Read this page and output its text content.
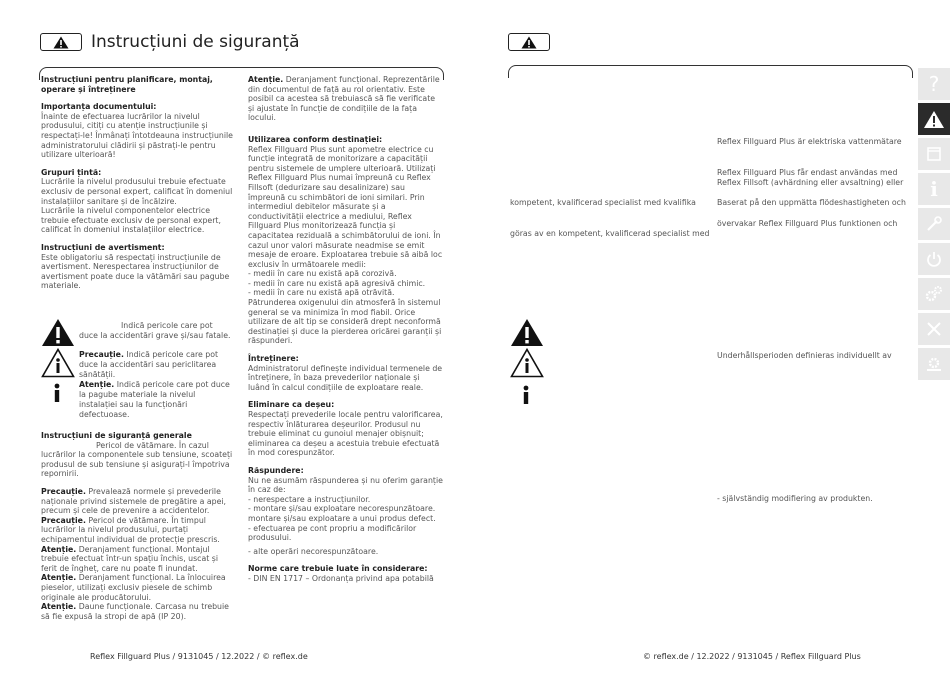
Instrucțiuni de siguranță

Instrucțiuni pentru planificare, montaj, operare și întreținere

Importanța documentului:

Înainte de efectuarea lucrărilor la nivelul produsului, citiți cu atenție instrucțiunile și respectați-le! Înmânați întotdeauna instrucțiunile administratorului clădirii și păstrați-le pentru utilizare ulterioară!

Grupuri țintă:

Lucrările la nivelul produsului trebuie efectuate exclusiv de personal expert, calificat în domeniul instalațiilor sanitare și de încălzire.

Lucrările la nivelul componentelor electrice trebuie efectuate exclusiv de personal expert, calificat în domeniul instalațiilor electrice.

Instrucțiuni de avertisment:

Este obligatoriu să respectați instrucțiunile de avertisment. Nerespectarea instrucțiunilor de avertisment poate duce la vătămări sau pagube materiale.

Indică pericole care pot duce la accidentări grave și/sau fatale.
Precauție. Indică pericole care pot duce la accidentări sau periclitarea sănătății.
Atenție. Indică pericole care pot duce la pagube materiale la nivelul instalației sau la funcționări defectuoase.

Instrucțiuni de siguranță generale

Pericol de vătămare. În cazul lucrărilor la componentele sub tensiune, scoateți produsul de sub tensiune și asigurați-l împotriva repornirii.

Precauție. Prevalează normele și prevederile naționale privind sistemele de pregătire a apei, precum și cele de prevenire a accidentelor.

Precauție. Pericol de vătămare. În timpul lucrărilor la nivelul produsului, purtați echipamentul individual de protecție prescris.

Atenție. Deranjament funcțional. Montajul trebuie efectuat într-un spațiu închis, uscat și ferit de îngheț, care nu poate fi inundat.

Atenție. Deranjament funcțional. La înlocuirea pieselor, utilizați exclusiv piesele de schimb originale ale producătorului.

Atenție. Daune funcționale. Carcasa nu trebuie să fie expusă la stropi de apă (IP 20).

Atenție. Deranjament funcțional. Reprezentările din documentul de față au rol orientativ. Este posibil ca acestea să trebuiască să fie verificate și ajustate în funcție de condițiile de la fața locului.

Utilizarea conform destinației:

Reflex Fillguard Plus sunt apometre electrice cu funcție integrată de monitorizare a capacității pentru sistemele de umplere ulterioară. Utilizați Reflex Fillguard Plus numai împreună cu Reflex Fillsoft (dedurizare sau desalinizare) sau împreună cu schimbători de ioni similari. Prin intermediul debitelor măsurate și a conductivității electrice a mediului, Reflex Fillguard Plus monitorizează funcția și capacitatea reziduală a schimbătorului de ioni. În cazul unor valori măsurate neadmise se emit mesaje de eroare. Exploatarea trebuie să aibă loc exclusiv în următoarele medii:

- medii în care nu există apă corozivă.

- medii în care nu există apă agresivă chimic.

- medii în care nu există apă otrăvită.

Pătrunderea oxigenului din atmosferă în sistemul general se va minimiza în mod fiabil. Orice utilizare de alt tip se consideră drept neconformă destinației și duce la pierderea oricărei garanții și răspunderi.

Întreținere:

Administratorul definește individual termenele de întreținere, în baza prevederilor naționale și luând în calcul condițiile de exploatare reale.

Eliminare ca deșeu:

Respectați prevederile locale pentru valorificarea, respectiv înlăturarea deșeurilor. Produsul nu trebuie eliminat cu gunoiul menajer obișnuit; eliminarea ca deșeu a acestuia trebuie efectuată în mod corespunzător.

Răspundere:

Nu ne asumăm răspunderea și nu oferim garanție în caz de:

- nerespectare a instrucțiunilor.

- montare și/sau exploatare necorespunzătoare.

montare și/sau exploatare a unui produs defect.

- efectuarea pe cont propriu a modificărilor produsului.

- alte operări necorespunzătoare.

Norme care trebuie luate în considerare:

- DIN EN 1717 – Ordonanța privind apa potabilă

Reflex Fillguard Plus / 9131045 / 12.2022 / © reflex.de
Reflex Fillguard Plus är elektriska vattenmätare
Reflex Fillguard Plus får endast användas med
Reflex Fillsoft (avhärdning eller avsaltning) eller
Baserat på den uppmätta flödeshastigheten och
kompetent, kvalificerad specialist med kvalifika
övervakar Reflex Fillguard Plus funktionen och
göras av en kompetent, kvalificerad specialist med
Underhållsperioden definieras individuellt av
- självständig modifiering av produkten.
© reflex.de / 12.2022 / 9131045 / Reflex Fillguard Plus
?
i
